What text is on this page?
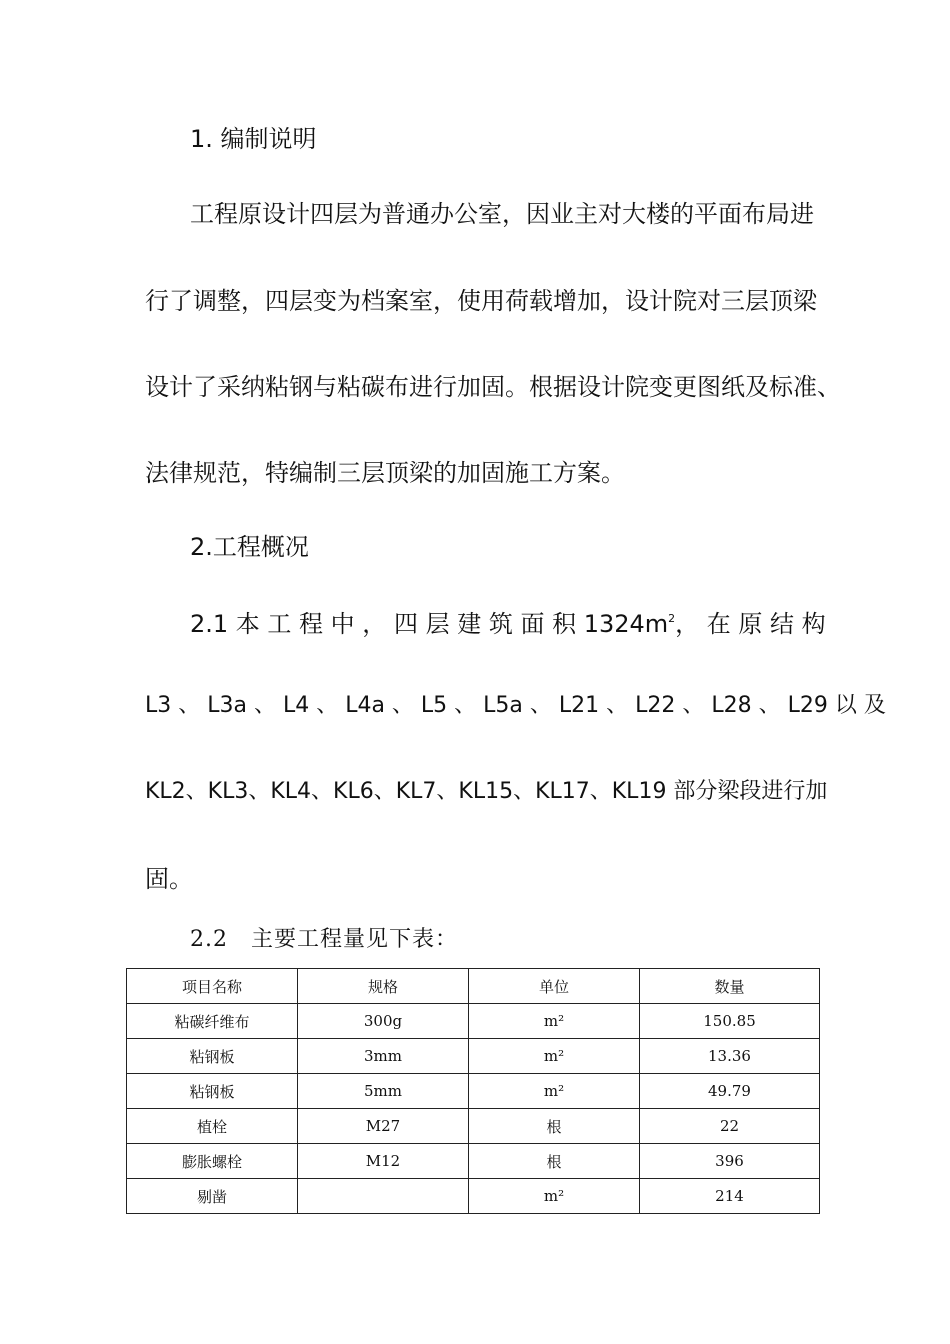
1. 编制说明

工程原设计四层为普通办公室，因业主对大楼的平面布局进

行了调整，四层变为档案室，使用荷载增加，设计院对三层顶梁

设计了采纳粘钢与粘碳布进行加固。根据设计院变更图纸及标准、

法律规范，特编制三层顶梁的加固施工方案。

2.工程概况

2.1 本 工 程 中 ， 四 层 建 筑 面 积 $1324m^2$， 在 原 结 构

L3 、 L3a 、 L4 、 L4a 、 L5 、 L5a 、 L21 、 L22 、 L28 、 L29 以 及

KL2、KL3、KL4、KL6、KL7、KL15、KL17、KL19 部分梁段进行加

固。

2.2　主要工程量见下表：

项目名称	规格	单位	数量
粘碳纤维布	300g	m²	150.85
粘钢板	3mm	m²	13.36
粘钢板	5mm	m²	49.79
植栓	M27	根	22
膨胀螺栓	M12	根	396
剔凿		m²	214
